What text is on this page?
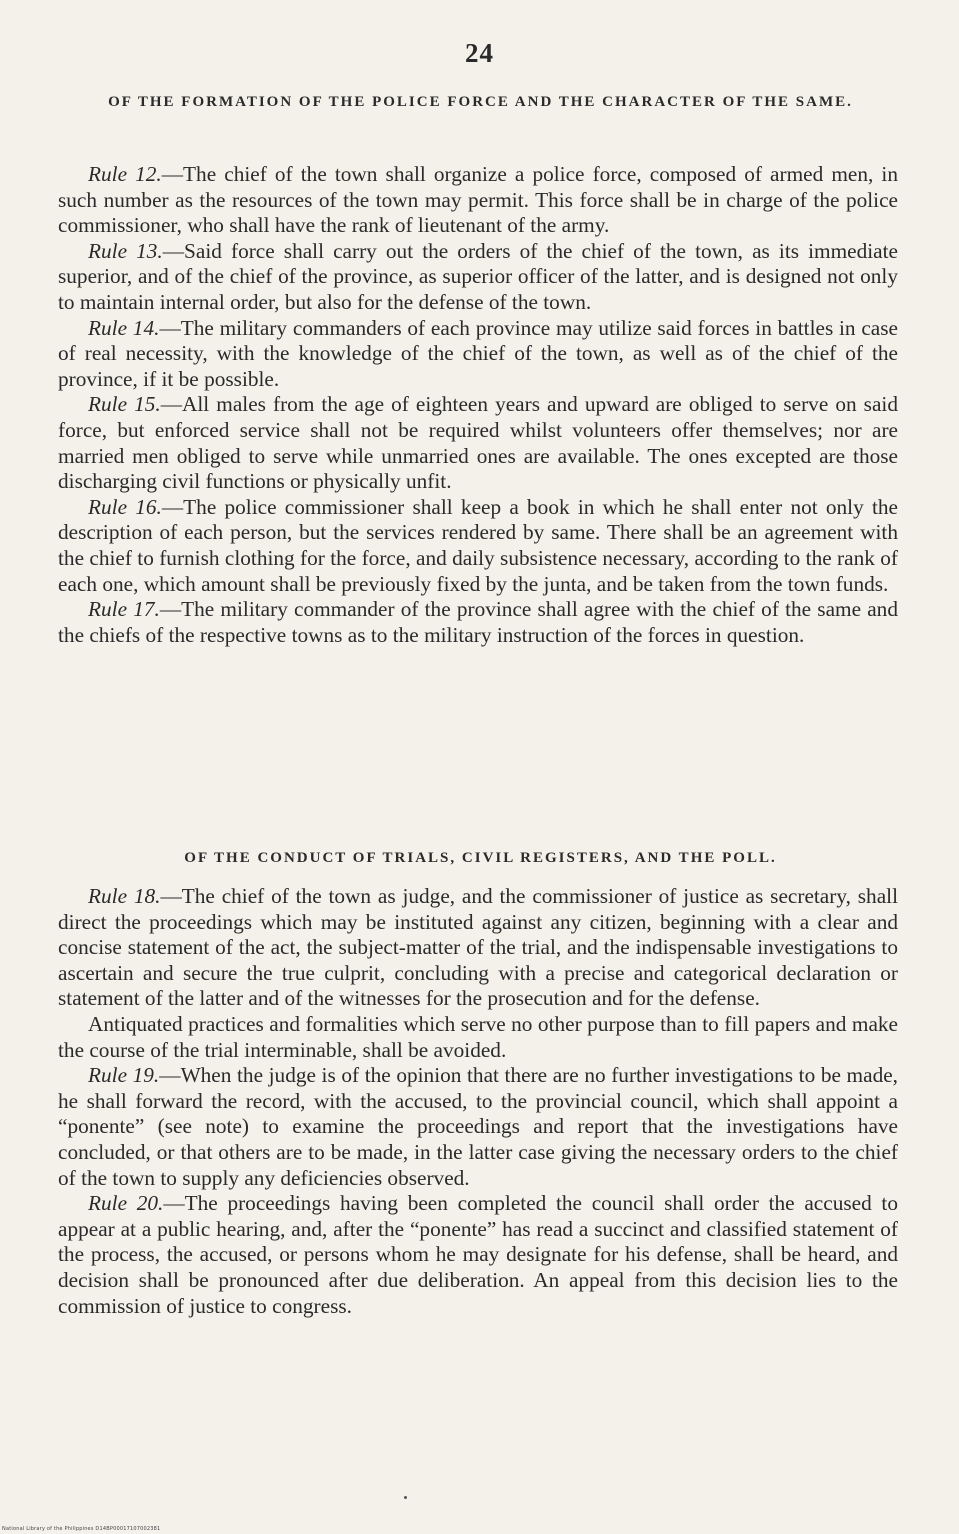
24
OF THE FORMATION OF THE POLICE FORCE AND THE CHARACTER OF THE SAME.

Rule 12.—The chief of the town shall organize a police force, composed of armed men, in such number as the resources of the town may permit. This force shall be in charge of the police commissioner, who shall have the rank of lieutenant of the army.

Rule 13.—Said force shall carry out the orders of the chief of the town, as its immediate superior, and of the chief of the province, as superior officer of the latter, and is designed not only to maintain internal order, but also for the defense of the town.

Rule 14.—The military commanders of each province may utilize said forces in battles in case of real necessity, with the knowledge of the chief of the town, as well as of the chief of the province, if it be possible.

Rule 15.—All males from the age of eighteen years and upward are obliged to serve on said force, but enforced service shall not be required whilst volunteers offer themselves; nor are married men obliged to serve while unmarried ones are available. The ones excepted are those discharging civil functions or physically unfit.

Rule 16.—The police commissioner shall keep a book in which he shall enter not only the description of each person, but the services rendered by same. There shall be an agreement with the chief to furnish clothing for the force, and daily subsistence necessary, according to the rank of each one, which amount shall be previously fixed by the junta, and be taken from the town funds.

Rule 17.—The military commander of the province shall agree with the chief of the same and the chiefs of the respective towns as to the military instruction of the forces in question.

OF THE CONDUCT OF TRIALS, CIVIL REGISTERS, AND THE POLL.

Rule 18.—The chief of the town as judge, and the commissioner of justice as secretary, shall direct the proceedings which may be instituted against any citizen, beginning with a clear and concise statement of the act, the subject-matter of the trial, and the indispensable investigations to ascertain and secure the true culprit, concluding with a precise and categorical declaration or statement of the latter and of the witnesses for the prosecution and for the defense.

Antiquated practices and formalities which serve no other purpose than to fill papers and make the course of the trial interminable, shall be avoided.

Rule 19.—When the judge is of the opinion that there are no further investigations to be made, he shall forward the record, with the accused, to the provincial council, which shall appoint a “ponente” (see note) to examine the proceedings and report that the investigations have concluded, or that others are to be made, in the latter case giving the necessary orders to the chief of the town to supply any deficiencies observed.

Rule 20.—The proceedings having been completed the council shall order the accused to appear at a public hearing, and, after the “ponente” has read a succinct and classified statement of the process, the accused, or persons whom he may designate for his defense, shall be heard, and decision shall be pronounced after due deliberation. An appeal from this decision lies to the commission of justice to congress.

National Library of the Philippines D14BP00017107002381
